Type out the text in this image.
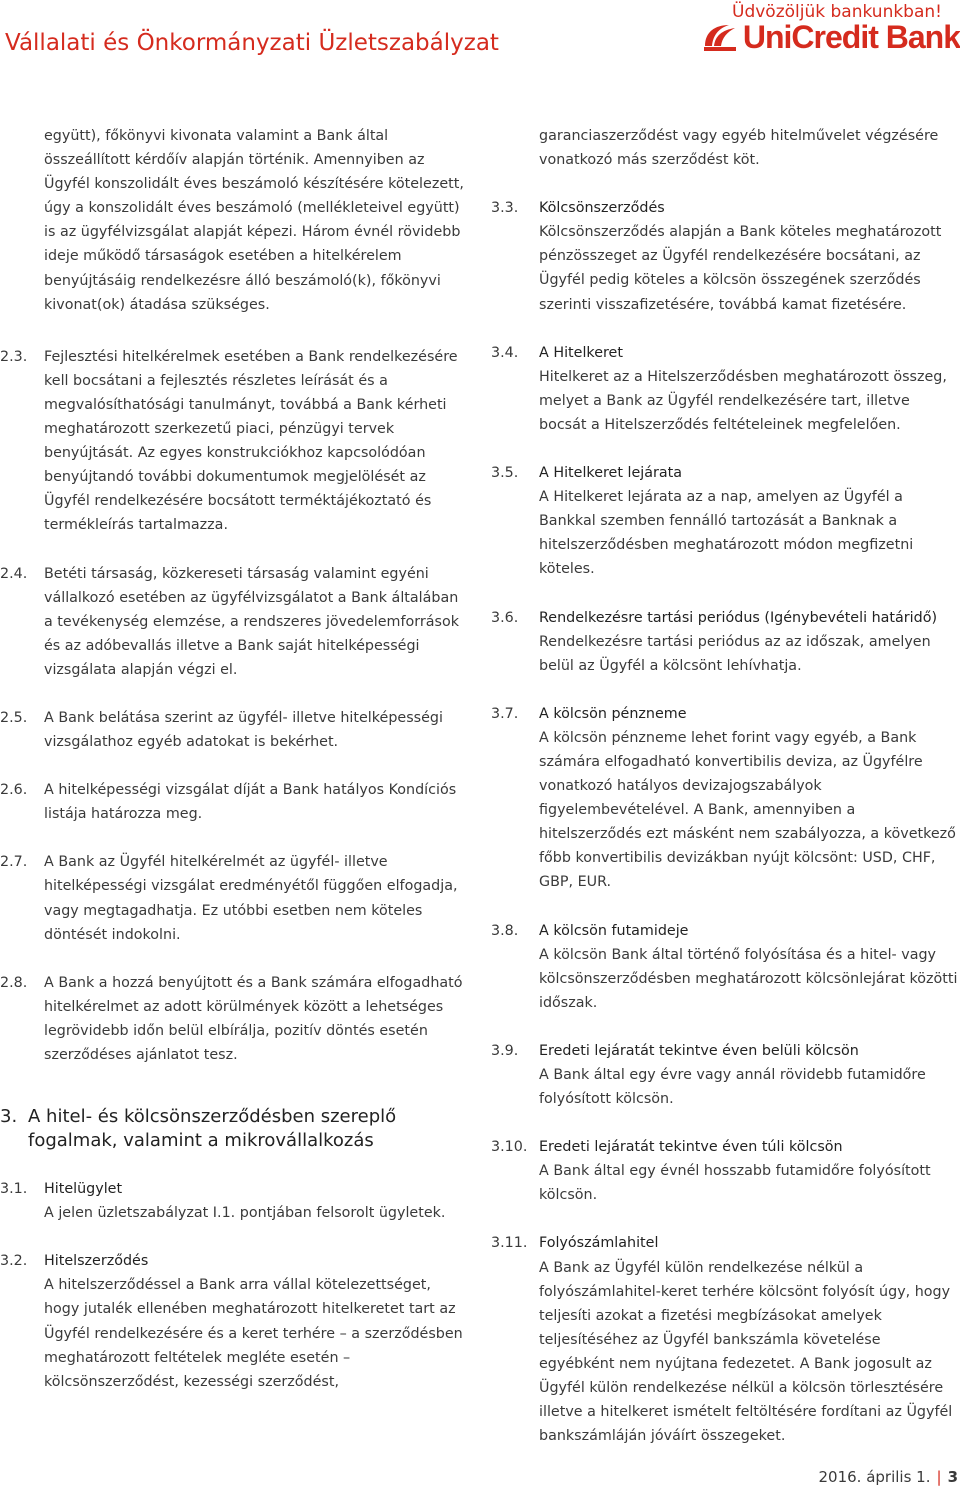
Vállalati és Önkormányzati Üzletszabályzat
Üdvözöljük bankunkban!
UniCredit Bank
együtt), főkönyvi kivonata valamint a Bank által összeállított kérdőív alapján történik. Amennyiben az Ügyfél konszolidált éves beszámoló készítésére kötelezett, úgy a konszolidált éves beszámoló (mellékleteivel együtt) is az ügyfélvizsgálat alapját képezi. Három évnél rövidebb ideje működő társaságok esetében a hitelkérelem benyújtásáig rendelkezésre álló beszámoló(k), főkönyvi kivonat(ok) átadása szükséges.
2.3.	Fejlesztési hitelkérelmek esetében a Bank rendelkezésére kell bocsátani a fejlesztés részletes leírását és a megvalósíthatósági tanulmányt, továbbá a Bank kérheti meghatározott szerkezetű piaci, pénzügyi tervek benyújtását. Az egyes konstrukciókhoz kapcsolódóan benyújtandó további dokumentumok megjelölését az Ügyfél rendelkezésére bocsátott terméktájékoztató és termékleírás tartalmazza.
2.4.	Betéti társaság, közkereseti társaság valamint egyéni vállalkozó esetében az ügyfélvizsgálatot a Bank általában a tevékenység elemzése, a rendszeres jövedelemforrások és az adóbevallás illetve a Bank saját hitelképességi vizsgálata alapján végzi el.
2.5.	A Bank belátása szerint az ügyfél- illetve hitelképességi vizsgálathoz egyéb adatokat is bekérhet.
2.6.	A hitelképességi vizsgálat díját a Bank hatályos Kondíciós listája határozza meg.
2.7.	A Bank az Ügyfél hitelkérelmét az ügyfél- illetve hitelképességi vizsgálat eredményétől függően elfogadja, vagy megtagadhatja. Ez utóbbi esetben nem köteles döntését indokolni.
2.8.	A Bank a hozzá benyújtott és a Bank számára elfogadható hitelkérelmet az adott körülmények között a lehetséges legrövidebb időn belül elbírálja, pozitív döntés esetén szerződéses ajánlatot tesz.
3. A hitel- és kölcsönszerződésben szereplő fogalmak, valamint a mikrovállalkozás
3.1.	Hitelügylet
A jelen üzletszabályzat I.1. pontjában felsorolt ügyletek.
3.2.	Hitelszerződés
A hitelszerződéssel a Bank arra vállal kötelezettséget, hogy jutalék ellenében meghatározott hitelkeretet tart az Ügyfél rendelkezésére és a keret terhére – a szerződésben meghatározott feltételek megléte esetén – kölcsönszerződést, kezességi szerződést,
garanciaszerződést vagy egyéb hitelművelet végzésére vonatkozó más szerződést köt.
3.3.	Kölcsönszerződés
Kölcsönszerződés alapján a Bank köteles meghatározott pénzösszeget az Ügyfél rendelkezésére bocsátani, az Ügyfél pedig köteles a kölcsön összegének szerződés szerinti visszafizetésére, továbbá kamat fizetésére.
3.4.	A Hitelkeret
Hitelkeret az a Hitelszerződésben meghatározott összeg, melyet a Bank az Ügyfél rendelkezésére tart, illetve bocsát a Hitelszerződés feltételeinek megfelelően.
3.5.	A Hitelkeret lejárata
A Hitelkeret lejárata az a nap, amelyen az Ügyfél a Bankkal szemben fennálló tartozását a Banknak a hitelszerződésben meghatározott módon megfizetni köteles.
3.6.	Rendelkezésre tartási periódus (Igénybevételi határidő)
Rendelkezésre tartási periódus az az időszak, amelyen belül az Ügyfél a kölcsönt lehívhatja.
3.7.	A kölcsön pénzneme
A kölcsön pénzneme lehet forint vagy egyéb, a Bank számára elfogadható konvertibilis deviza, az Ügyfélre vonatkozó hatályos devizajogszabályok figyelembevételével. A Bank, amennyiben a hitelszerződés ezt másként nem szabályozza, a következő főbb konvertibilis devizákban nyújt kölcsönt: USD, CHF, GBP, EUR.
3.8.	A kölcsön futamideje
A kölcsön Bank által történő folyósítása és a hitel- vagy kölcsönszerződésben meghatározott kölcsönlejárat közötti időszak.
3.9.	Eredeti lejáratát tekintve éven belüli kölcsön
A Bank által egy évre vagy annál rövidebb futamidőre folyósított kölcsön.
3.10. Eredeti lejáratát tekintve éven túli kölcsön
A Bank által egy évnél hosszabb futamidőre folyósított kölcsön.
3.11. Folyószámlahitel
A Bank az Ügyfél külön rendelkezése nélkül a folyószámlahitel-keret terhére kölcsönt folyósít úgy, hogy teljesíti azokat a fizetési megbízásokat amelyek teljesítéséhez az Ügyfél bankszámla követelése egyébként nem nyújtana fedezetet. A Bank jogosult az Ügyfél külön rendelkezése nélkül a kölcsön törlesztésére illetve a hitelkeret ismételt feltöltésére fordítani az Ügyfél bankszámláján jóváírt összegeket.
2016. április 1. | 3
